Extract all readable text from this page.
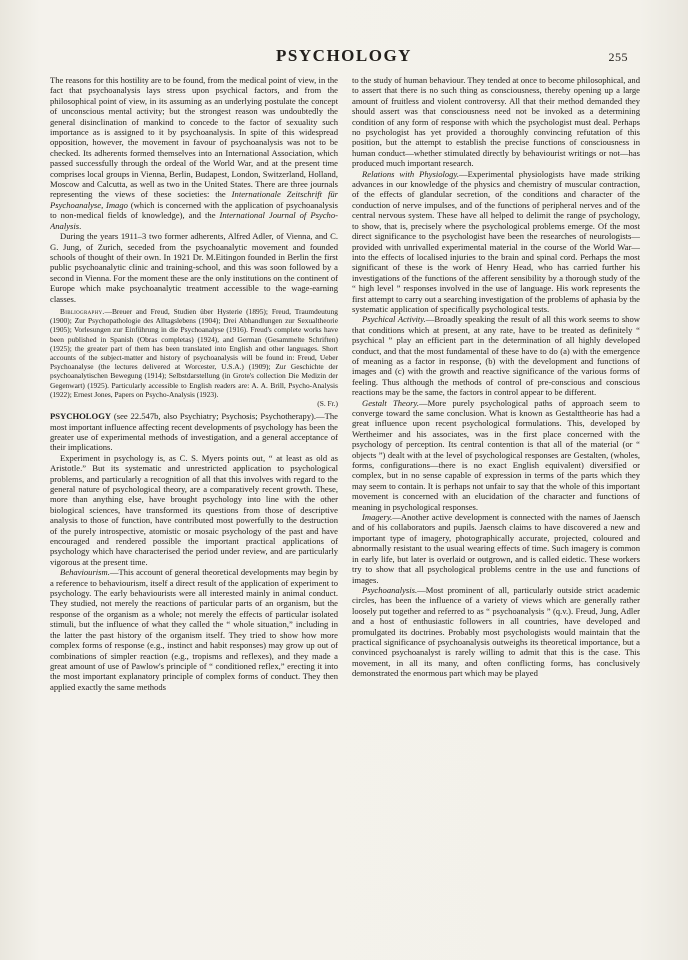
PSYCHOLOGY	255

The reasons for this hostility are to be found, from the medical point of view, in the fact that psychoanalysis lays stress upon psychical factors, and from the philosophical point of view, in its assuming as an underlying postulate the concept of unconscious mental activity; but the strongest reason was undoubtedly the general disinclination of mankind to concede to the factor of sexuality such importance as is assigned to it by psychoanalysis. In spite of this widespread opposition, however, the movement in favour of psychoanalysis was not to be checked. Its adherents formed themselves into an International Association, which passed successfully through the ordeal of the World War, and at the present time comprises local groups in Vienna, Berlin, Budapest, London, Switzerland, Holland, Moscow and Calcutta, as well as two in the United States. There are three journals representing the views of these societies: the Internationale Zeitschrift für Psychoanalyse, Imago (which is concerned with the application of psychoanalysis to non-medical fields of knowledge), and the International Journal of Psycho-Analysis.

During the years 1911–3 two former adherents, Alfred Adler, of Vienna, and C. G. Jung, of Zurich, seceded from the psychoanalytic movement and founded schools of thought of their own. In 1921 Dr. M.Eitingon founded in Berlin the first public psychoanalytic clinic and training-school, and this was soon followed by a second in Vienna. For the moment these are the only institutions on the continent of Europe which make psychoanalytic treatment accessible to the wage-earning classes.

Bibliography.—Breuer and Freud, Studien über Hysterie (1895); Freud, Traumdeutung (1900); Zur Psychopathologie des Alltagslebens (1904); Drei Abhandlungen zur Sexualtheorie (1905); Vorlesungen zur Einführung in die Psychoanalyse (1916). Freud's complete works have been published in Spanish (Obras completas) (1924), and German (Gesammelte Schriften) (1925); the greater part of them has been translated into English and other languages. Short accounts of the subject-matter and history of psychoanalysis will be found in: Freud, Ueber Psychoanalyse (the lectures delivered at Worcester, U.S.A.) (1909); Zur Geschichte der psychoanalytischen Bewegung (1914); Selbstdarstellung (in Grote's collection Die Medizin der Gegenwart) (1925). Particularly accessible to English readers are: A. A. Brill, Psycho-Analysis (1922); Ernest Jones, Papers on Psycho-Analysis (1923).
(S. Fr.)

PSYCHOLOGY (see 22.547b, also Psychiatry; Psychosis; Psychotherapy).—The most important influence affecting recent developments of psychology has been the greater use of experimental methods of investigation, and a general acceptance of their implications.

Experiment in psychology is, as C. S. Myers points out, “ at least as old as Aristotle.” But its systematic and unrestricted application to psychological problems, and particularly a recognition of all that this involves with regard to the general nature of psychological theory, are a comparatively recent growth. These, more than anything else, have brought psychology into line with the other biological sciences, have transformed its questions from those of descriptive analysis to those of function, have contributed most powerfully to the destruction of the purely introspective, atomistic or mosaic psychology of the past and have encouraged and rendered possible the important practical applications of psychology which have characterised the period under review, and are particularly vigorous at the present time.

Behaviourism.—This account of general theoretical developments may begin by a reference to behaviourism, itself a direct result of the application of experiment to psychology. The early behaviourists were all interested mainly in animal conduct. They studied, not merely the reactions of particular parts of an organism, but the response of the organism as a whole; not merely the effects of particular isolated stimuli, but the influence of what they called the “ whole situation,” including in the latter the past history of the organism itself. They tried to show how more complex forms of response (e.g., instinct and habit responses) may grow up out of combinations of simpler reaction (e.g., tropisms and reflexes), and they made a great amount of use of Pawlow's principle of “ conditioned reflex,” erecting it into the most important explanatory principle of complex forms of conduct. They then applied exactly the same methods

to the study of human behaviour. They tended at once to become philosophical, and to assert that there is no such thing as consciousness, thereby opening up a large amount of fruitless and violent controversy. All that their method demanded they should assert was that consciousness need not be invoked as a determining condition of any form of response with which the psychologist must deal. Perhaps no psychologist has yet provided a thoroughly convincing refutation of this position, but the attempt to establish the precise functions of consciousness in human conduct—whether stimulated directly by behaviourist writings or not—has produced much important research.

Relations with Physiology.—Experimental physiologists have made striking advances in our knowledge of the physics and chemistry of muscular contraction, of the effects of glandular secretion, of the conditions and character of the conduction of nerve impulses, and of the functions of peripheral nerves and of the central nervous system. These have all helped to delimit the range of psychology, to show, that is, precisely where the psychological problems emerge. Of the most direct significance to the psychologist have been the researches of neurologists—provided with unrivalled experimental material in the course of the World War—into the effects of localised injuries to the brain and spinal cord. Perhaps the most significant of these is the work of Henry Head, who has carried further his investigations of the functions of the afferent sensibility by a thorough study of the “ high level ” responses involved in the use of language. His work represents the first attempt to carry out a searching investigation of the problems of aphasia by the systematic application of specifically psychological tests.

Psychical Activity.—Broadly speaking the result of all this work seems to show that conditions which at present, at any rate, have to be treated as definitely “ psychical ” play an efficient part in the determination of all highly developed conduct, and that the most fundamental of these have to do (a) with the emergence of meaning as a factor in response, (b) with the development and functions of images and (c) with the growth and reactive significance of the various forms of feeling. Thus although the methods of control of pre-conscious and conscious reactions may be the same, the factors in control appear to be different.

Gestalt Theory.—More purely psychological paths of approach seem to converge toward the same conclusion. What is known as Gestalttheorie has had a great influence upon recent psychological formulations. This, developed by Wertheimer and his associates, was in the first place concerned with the psychology of perception. Its central contention is that all of the material (or “ objects ”) dealt with at the level of psychological responses are Gestalten, (wholes, forms, configurations—there is no exact English equivalent) diversified or complex, but in no sense capable of expression in terms of the parts which they may seem to contain. It is perhaps not unfair to say that the whole of this important movement is concerned with an elucidation of the character and functions of meaning in psychological responses.

Imagery.—Another active development is connected with the names of Jaensch and of his collaborators and pupils. Jaensch claims to have discovered a new and important type of imagery, photographically accurate, projected, coloured and abnormally resistant to the usual wearing effects of time. Such imagery is common in early life, but later is overlaid or outgrown, and is called eidetic. These workers try to show that all psychological problems centre in the use and functions of images.

Psychoanalysis.—Most prominent of all, particularly outside strict academic circles, has been the influence of a variety of views which are generally rather loosely put together and referred to as “ psychoanalysis ” (q.v.). Freud, Jung, Adler and a host of enthusiastic followers in all countries, have developed and promulgated its doctrines. Probably most psychologists would maintain that the practical significance of psychoanalysis outweighs its theoretical importance, but a convinced psychoanalyst is rarely willing to admit that this is the case. This movement, in all its many, and often conflicting forms, has conclusively demonstrated the enormous part which may be played
